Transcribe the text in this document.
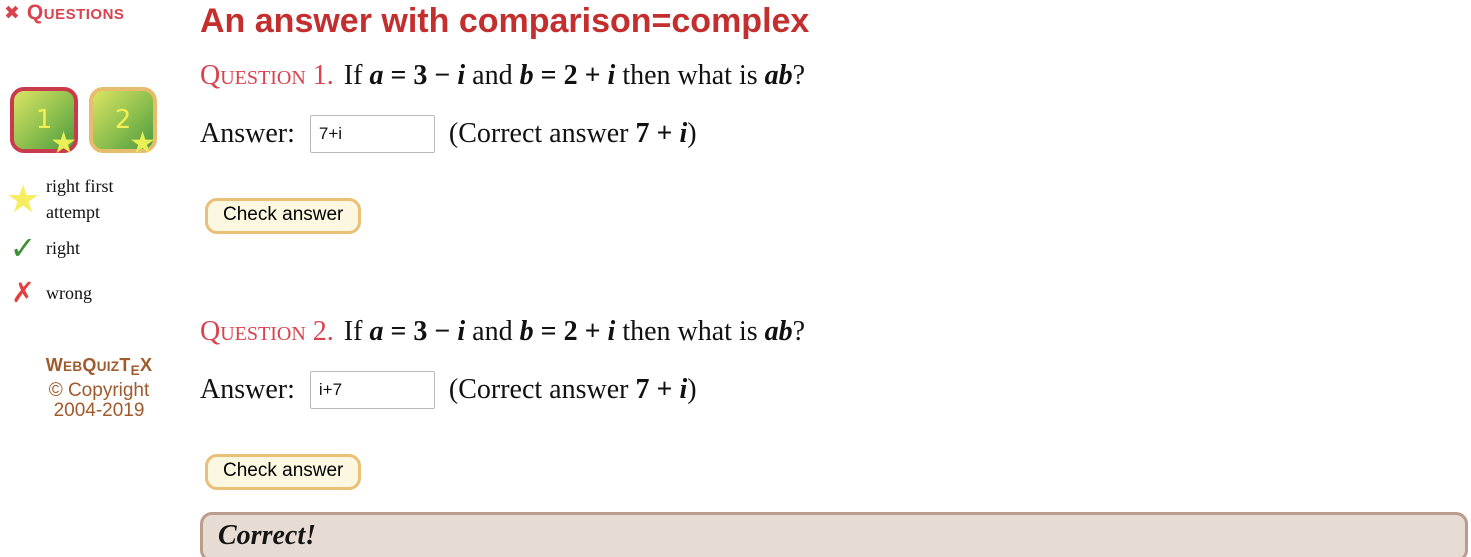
✖ Questions
1
★
2
★
★ right first attempt
✓ right
✗ wrong
$WEBQUIZT_EX$
© Copyright
2004-2019
An answer with comparison=complex
Question 1. If a = 3 − i and b = 2 + i then what is ab?
Answer:
7+i	(Correct answer 7 + i)
Check answer
Question 2. If a = 3 − i and b = 2 + i then what is ab?
Answer:
i+7	(Correct answer 7 + i)
Check answer
Correct!
